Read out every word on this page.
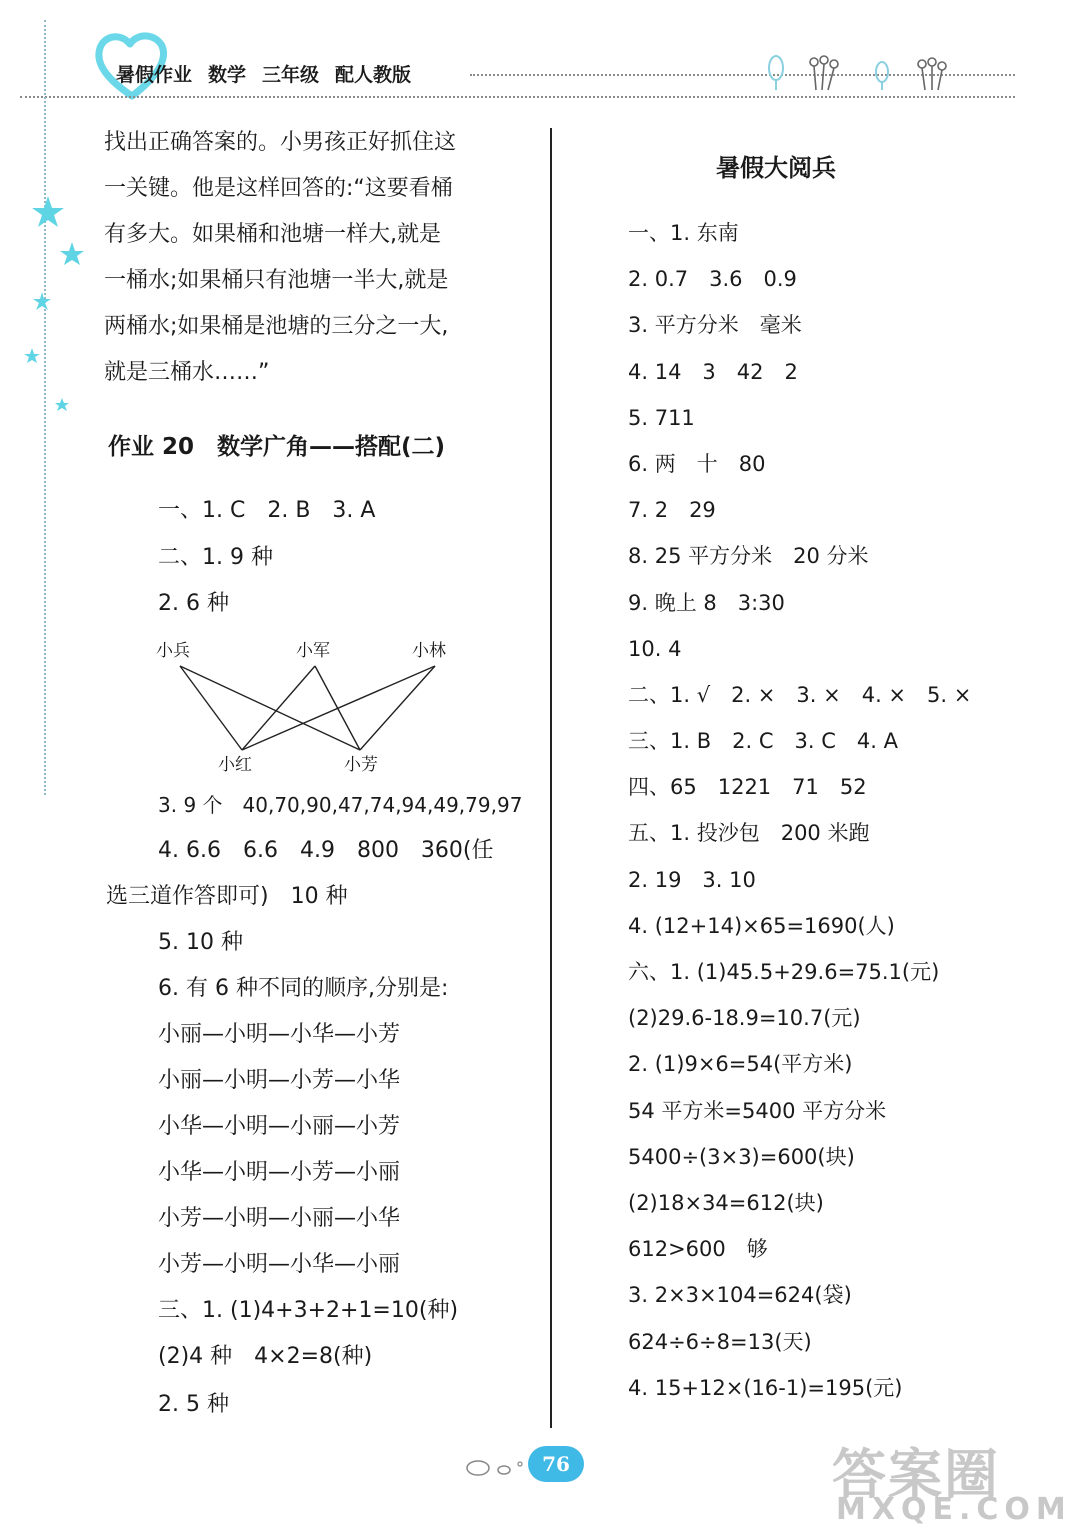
暑假作业 数学 三年级 配人教版
找出正确答案的。小男孩正好抓住这
一关键。他是这样回答的:“这要看桶
有多大。如果桶和池塘一样大,就是
一桶水;如果桶只有池塘一半大,就是
两桶水;如果桶是池塘的三分之一大,
就是三桶水……”
作业 20　数学广角——搭配(二)
一、1. C　2. B　3. A
二、1. 9 种
2. 6 种
小兵	小军	小林
小红	小芳
3. 9 个　40,70,90,47,74,94,49,79,97
4. 6.6　6.6　4.9　800　360(任
选三道作答即可)　10 种
5. 10 种
6. 有 6 种不同的顺序,分别是:
小丽—小明—小华—小芳
小丽—小明—小芳—小华
小华—小明—小丽—小芳
小华—小明—小芳—小丽
小芳—小明—小丽—小华
小芳—小明—小华—小丽
三、1. (1)4+3+2+1=10(种)
(2)4 种　4×2=8(种)
2. 5 种
暑假大阅兵
一、1. 东南
2. 0.7　3.6　0.9
3. 平方分米　毫米
4. 14　3　42　2
5. 711
6. 两　十　80
7. 2　29
8. 25 平方分米　20 分米
9. 晚上 8　3:30
10. 4
二、1. √　2. ×　3. ×　4. ×　5. ×
三、1. B　2. C　3. C　4. A
四、65　1221　71　52
五、1. 投沙包　200 米跑
2. 19　3. 10
4. (12+14)×65=1690(人)
六、1. (1)45.5+29.6=75.1(元)
(2)29.6-18.9=10.7(元)
2. (1)9×6=54(平方米)
54 平方米=5400 平方分米
5400÷(3×3)=600(块)
(2)18×34=612(块)
612>600　够
3. 2×3×104=624(袋)
624÷6÷8=13(天)
4. 15+12×(16-1)=195(元)
76	答案圈
MXQE.COM
